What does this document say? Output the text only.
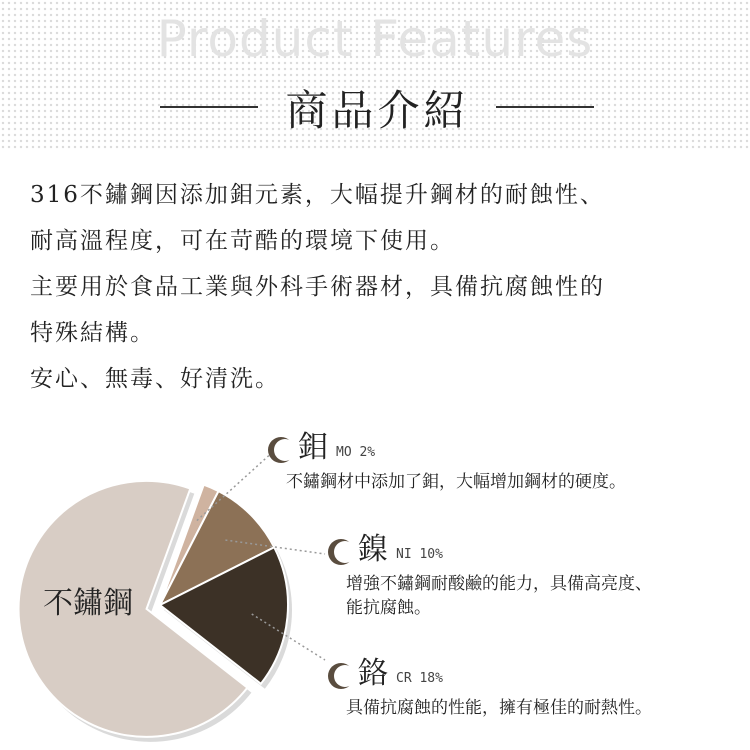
Product Features
商品介紹

316不鏽鋼因添加鉬元素，大幅提升鋼材的耐蝕性、

耐高溫程度，可在苛酷的環境下使用。

主要用於食品工業與外科手術器材，具備抗腐蝕性的

特殊結構。

安心、無毒、好清洗。

不鏽鋼
鉬 MO 2%
不鏽鋼材中添加了鉬，大幅增加鋼材的硬度。
鎳 NI 10%
增強不鏽鋼耐酸鹼的能力，具備高亮度、
能抗腐蝕。
鉻 CR 18%
具備抗腐蝕的性能，擁有極佳的耐熱性。
